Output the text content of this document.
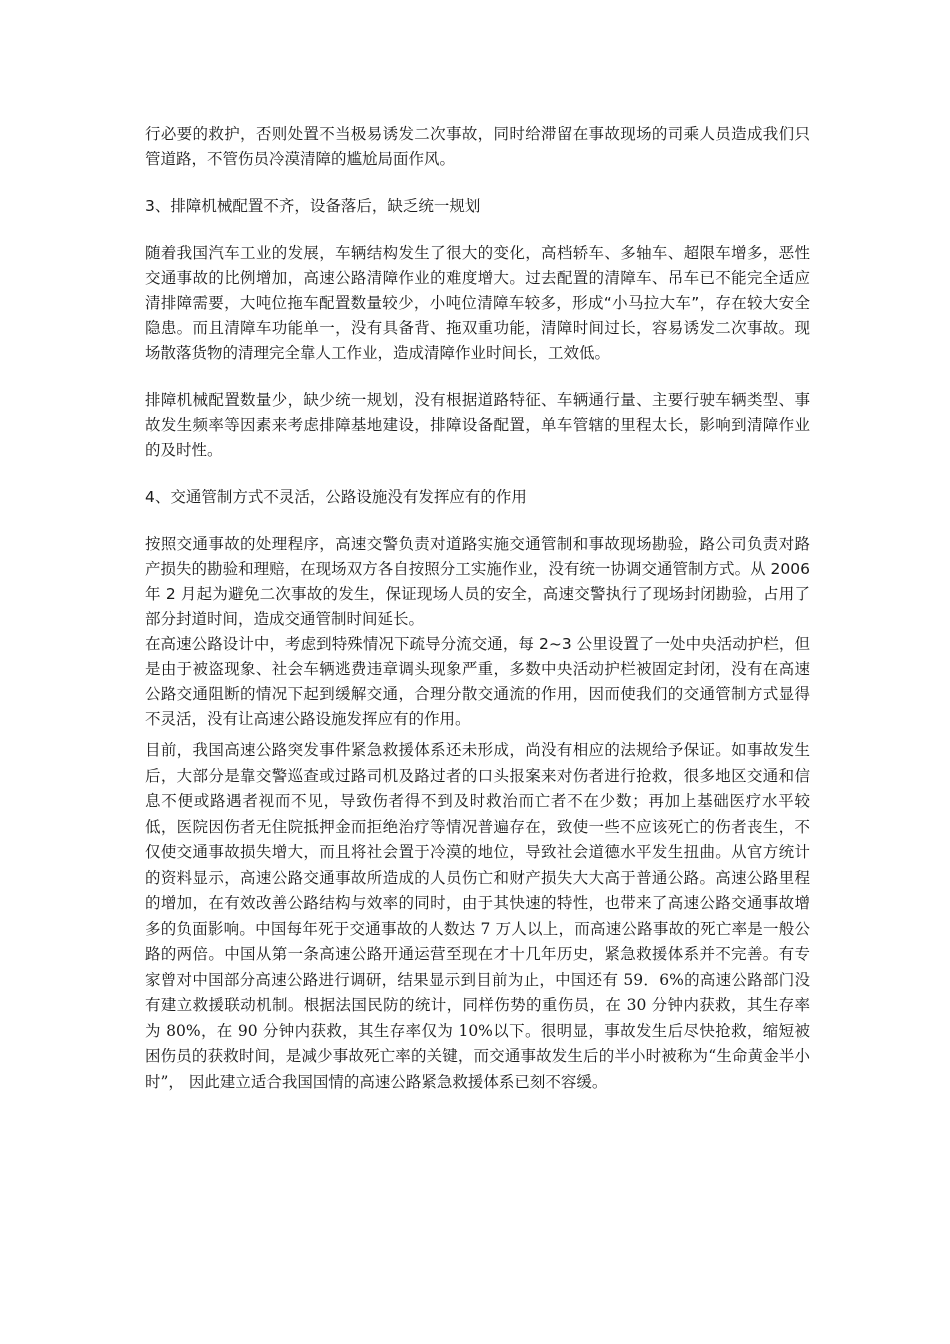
行必要的救护，否则处置不当极易诱发二次事故，同时给滞留在事故现场的司乘人员造成我们只管道路，不管伤员冷漠清障的尴尬局面作风。

3、排障机械配置不齐，设备落后，缺乏统一规划

随着我国汽车工业的发展，车辆结构发生了很大的变化，高档轿车、多轴车、超限车增多，恶性交通事故的比例增加，高速公路清障作业的难度增大。过去配置的清障车、吊车已不能完全适应清排障需要，大吨位拖车配置数量较少，小吨位清障车较多，形成“小马拉大车”，存在较大安全隐患。而且清障车功能单一，没有具备背、拖双重功能，清障时间过长，容易诱发二次事故。现场散落货物的清理完全靠人工作业，造成清障作业时间长，工效低。

排障机械配置数量少，缺少统一规划，没有根据道路特征、车辆通行量、主要行驶车辆类型、事故发生频率等因素来考虑排障基地建设，排障设备配置，单车管辖的里程太长，影响到清障作业的及时性。

4、交通管制方式不灵活，公路设施没有发挥应有的作用

按照交通事故的处理程序，高速交警负责对道路实施交通管制和事故现场勘验，路公司负责对路产损失的勘验和理赔，在现场双方各自按照分工实施作业，没有统一协调交通管制方式。从 2006 年 2 月起为避免二次事故的发生，保证现场人员的安全，高速交警执行了现场封闭勘验，占用了部分封道时间，造成交通管制时间延长。

在高速公路设计中，考虑到特殊情况下疏导分流交通，每 2~3 公里设置了一处中央活动护栏，但是由于被盗现象、社会车辆逃费违章调头现象严重，多数中央活动护栏被固定封闭，没有在高速公路交通阻断的情况下起到缓解交通，合理分散交通流的作用，因而使我们的交通管制方式显得不灵活，没有让高速公路设施发挥应有的作用。

目前，我国高速公路突发事件紧急救援体系还未形成，尚没有相应的法规给予保证。如事故发生后，大部分是靠交警巡查或过路司机及路过者的口头报案来对伤者进行抢救，很多地区交通和信息不便或路遇者视而不见，导致伤者得不到及时救治而亡者不在少数；再加上基础医疗水平较低，医院因伤者无住院抵押金而拒绝治疗等情况普遍存在，致使一些不应该死亡的伤者丧生，不仅使交通事故损失增大，而且将社会置于冷漠的地位，导致社会道德水平发生扭曲。从官方统计的资料显示，高速公路交通事故所造成的人员伤亡和财产损失大大高于普通公路。高速公路里程的增加，在有效改善公路结构与效率的同时，由于其快速的特性，也带来了高速公路交通事故增多的负面影响。中国每年死于交通事故的人数达 7 万人以上，而高速公路事故的死亡率是一般公路的两倍。中国从第一条高速公路开通运营至现在才十几年历史，紧急救援体系并不完善。有专家曾对中国部分高速公路进行调研，结果显示到目前为止，中国还有 59．6%的高速公路部门没有建立救援联动机制。根据法国民防的统计，同样伤势的重伤员，在 30 分钟内获救，其生存率为 80%，在 90 分钟内获救，其生存率仅为 10%以下。很明显，事故发生后尽快抢救，缩短被困伤员的获救时间，是减少事故死亡率的关键，而交通事故发生后的半小时被称为“生命黄金半小时”， 因此建立适合我国国情的高速公路紧急救援体系已刻不容缓。
